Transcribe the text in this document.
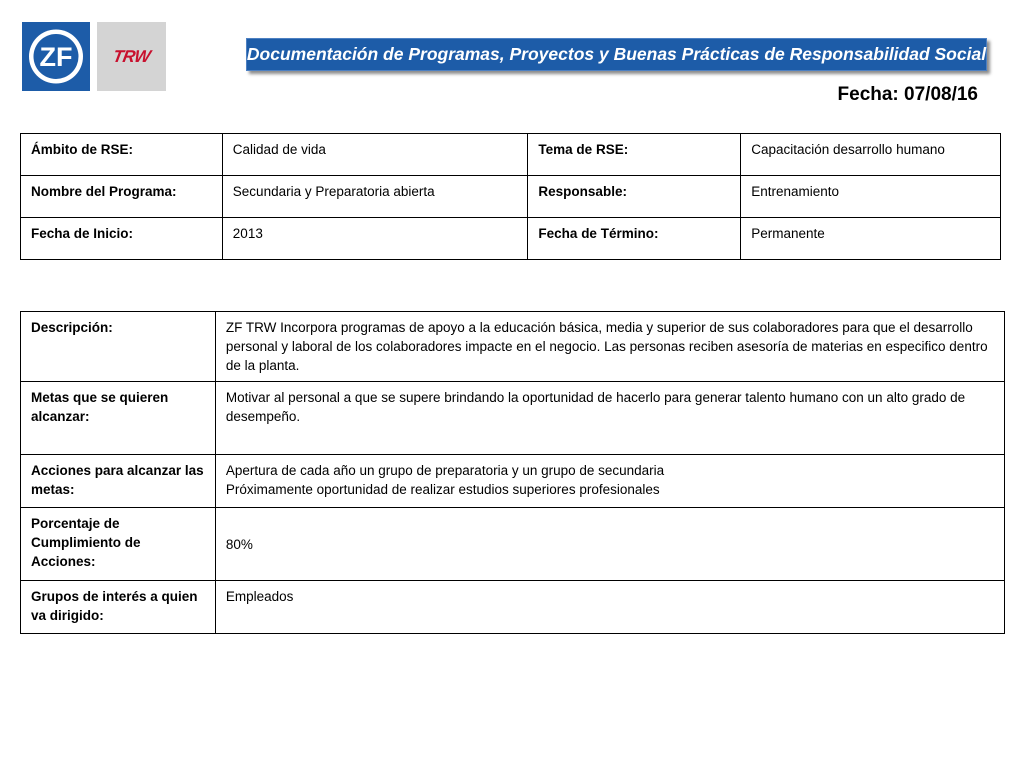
ZF TRW	Documentación de Programas, Proyectos y Buenas Prácticas de Responsabilidad Social
Fecha: 07/08/16
Ámbito de RSE:	Calidad de vida	Tema de RSE:	Capacitación desarrollo humano
Nombre del Programa:	Secundaria y Preparatoria abierta	Responsable:	Entrenamiento
Fecha de Inicio:	2013	Fecha de Término:	Permanente
Descripción:	ZF TRW Incorpora programas de apoyo a la educación básica, media y superior de sus colaboradores para que el desarrollo personal y laboral de los colaboradores impacte en el negocio. Las personas reciben asesoría de materias en especifico dentro de la planta.
Metas que se quieren alcanzar:	Motivar al personal a que se supere brindando la oportunidad de hacerlo para generar talento humano con un alto grado de desempeño.
Acciones para alcanzar las metas:	Apertura de cada año un grupo de preparatoria y un grupo de secundaria
Próximamente oportunidad de realizar estudios superiores profesionales

Porcentaje de Cumplimiento de Acciones:	80%
Grupos de interés a quien va dirigido:	Empleados
